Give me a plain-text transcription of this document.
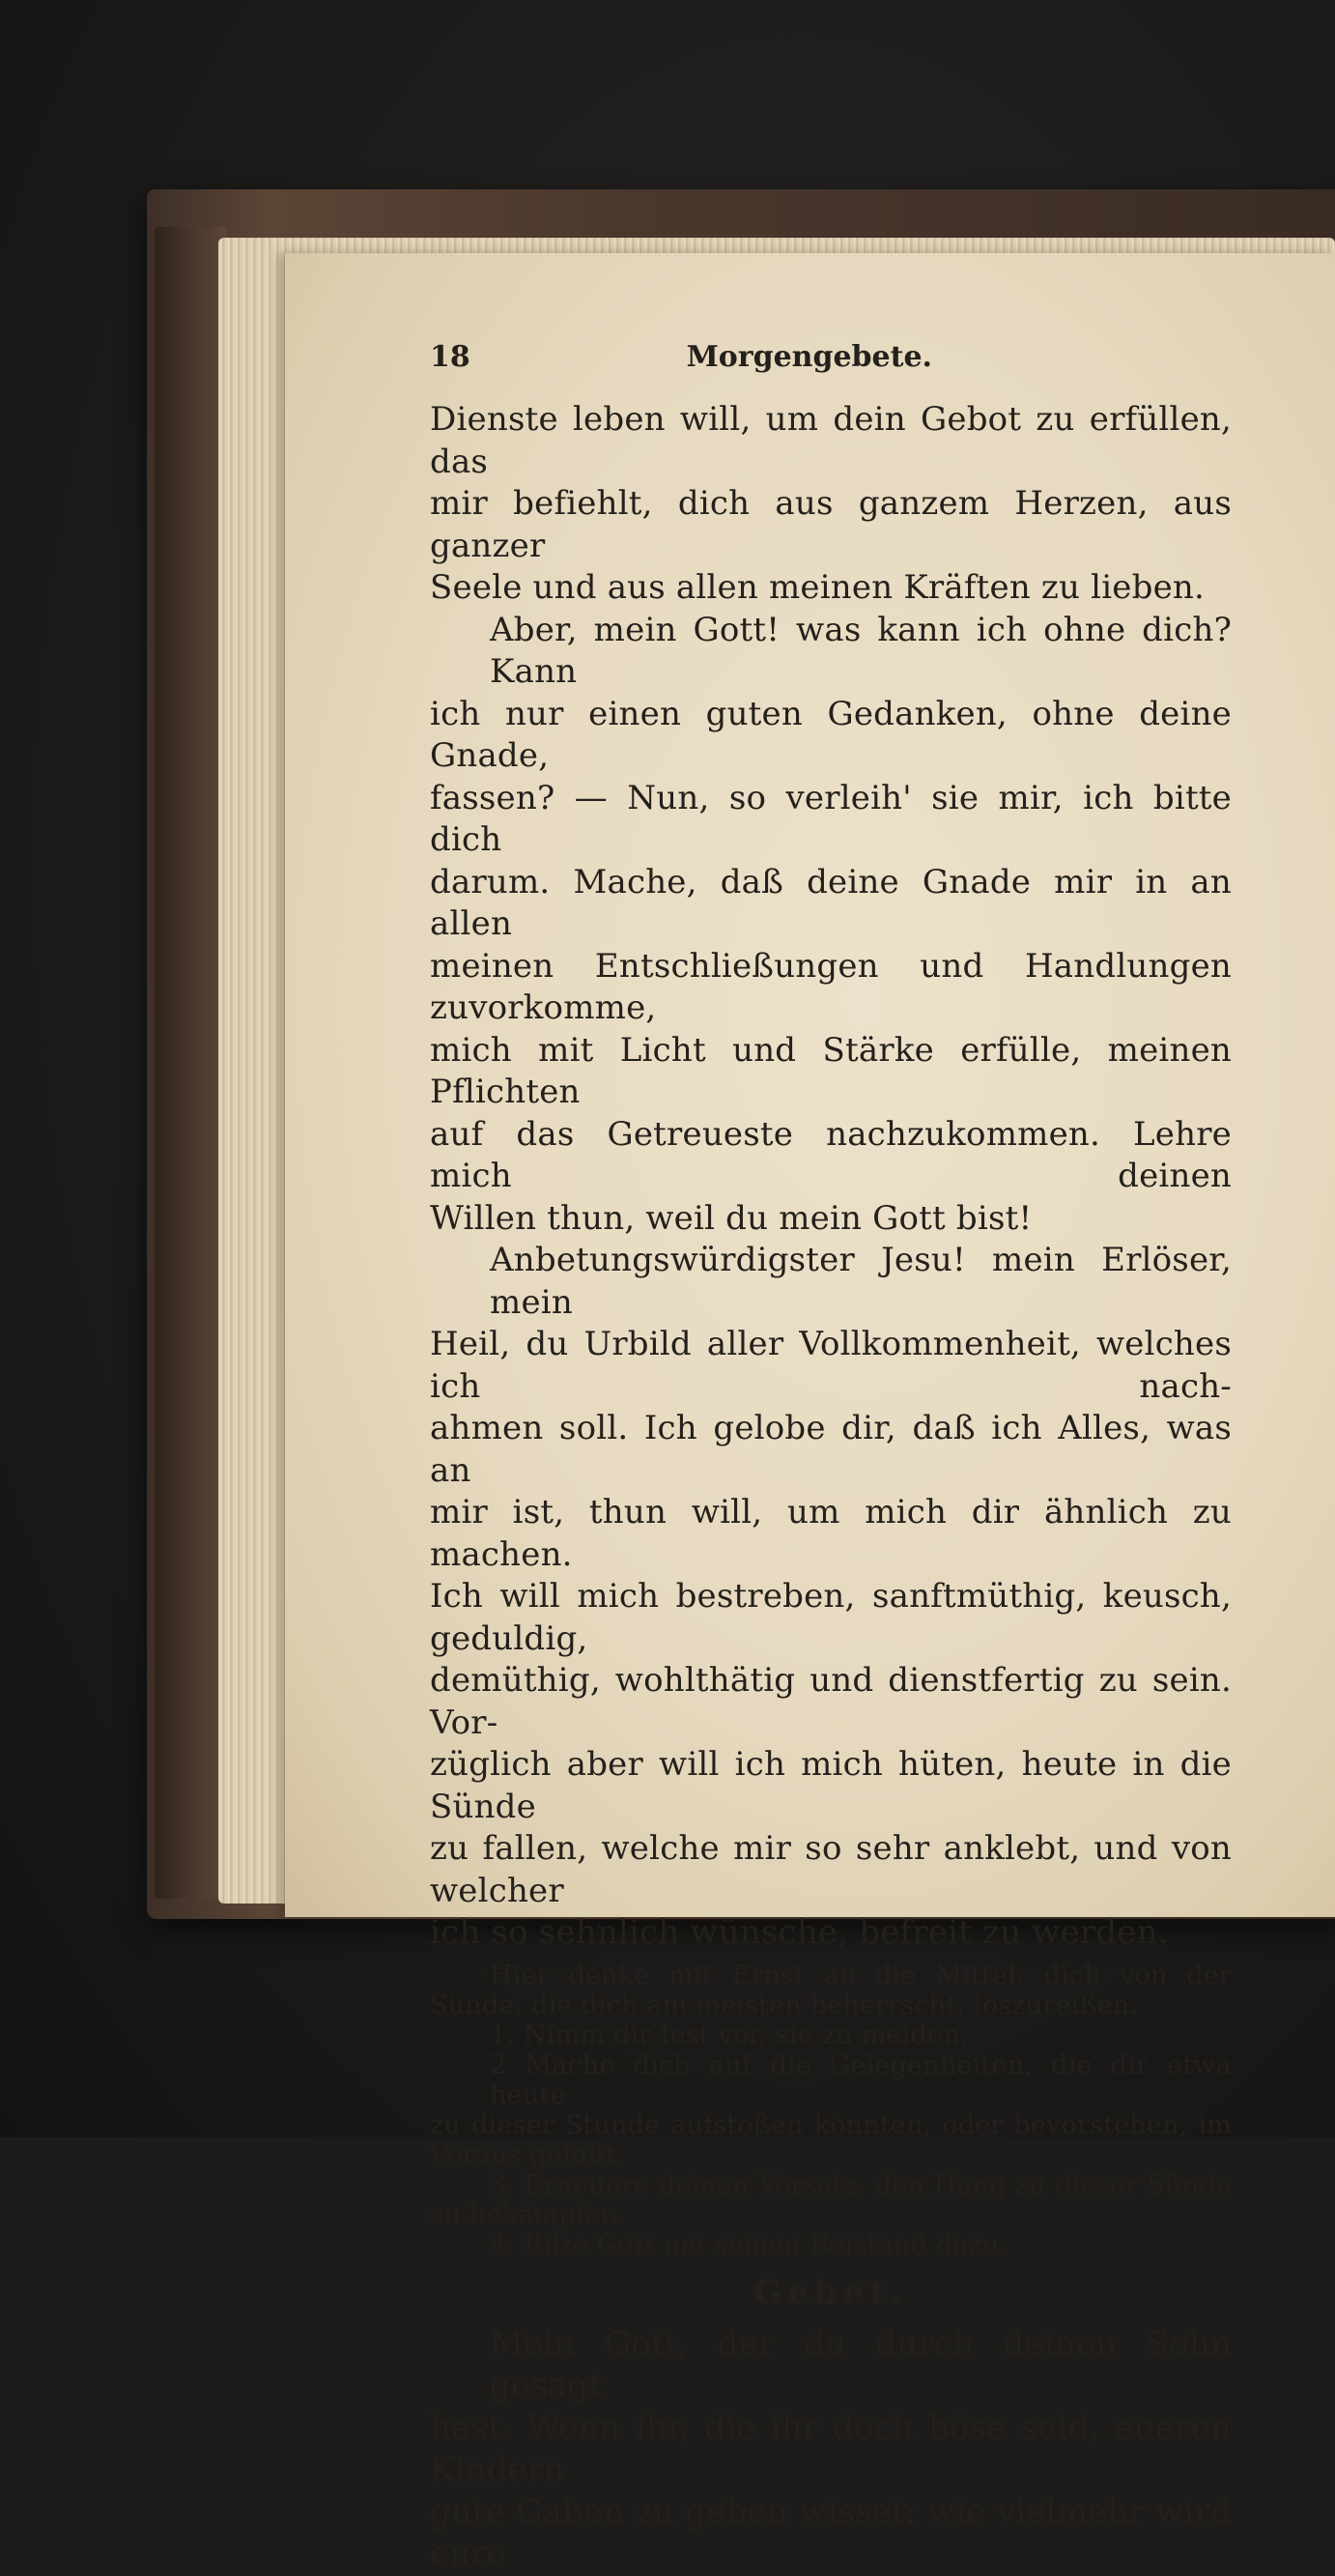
18	Morgengebete.
Dienste leben will, um dein Gebot zu erfüllen, das
mir befiehlt, dich aus ganzem Herzen, aus ganzer
Seele und aus allen meinen Kräften zu lieben.
Aber, mein Gott! was kann ich ohne dich? Kann
ich nur einen guten Gedanken, ohne deine Gnade,
fassen? — Nun, so verleih' sie mir, ich bitte dich
darum. Mache, daß deine Gnade mir in an allen
meinen Entschließungen und Handlungen zuvorkomme,
mich mit Licht und Stärke erfülle, meinen Pflichten
auf das Getreueste nachzukommen. Lehre mich deinen
Willen thun, weil du mein Gott bist!
Anbetungswürdigster Jesu! mein Erlöser, mein
Heil, du Urbild aller Vollkommenheit, welches ich nach-
ahmen soll. Ich gelobe dir, daß ich Alles, was an
mir ist, thun will, um mich dir ähnlich zu machen.
Ich will mich bestreben, sanftmüthig, keusch, geduldig,
demüthig, wohlthätig und dienstfertig zu sein. Vor-
züglich aber will ich mich hüten, heute in die Sünde
zu fallen, welche mir so sehr anklebt, und von welcher
ich so sehnlich wünsche, befreit zu werden.
Hier denke mit Ernst an die Mittel, dich von der
Sünde, die dich am meisten beherrscht, loszureißen.
1. Nimm dir fest vor, sie zu meiden.
2 Mache dich auf die Gelegenheiten, die dir etwa heute
zu dieser Stunde aufstoßen könnten, oder bevorstehen, im
Voraus gefaßt.
3. Erneuere deinen Vorsatz, den Hang zu dieser Sünde
zu bekämpfen.
4. Bitte Gott um seinen Beistand dazu.
Gebet.
Mein Gott, der du durch deinen Sohn gesagt
hast: Wenn ihr, die ihr doch böse seid, eueren Kindern
gute Gaben zu geben wisset: wie vielmehr wird eure
